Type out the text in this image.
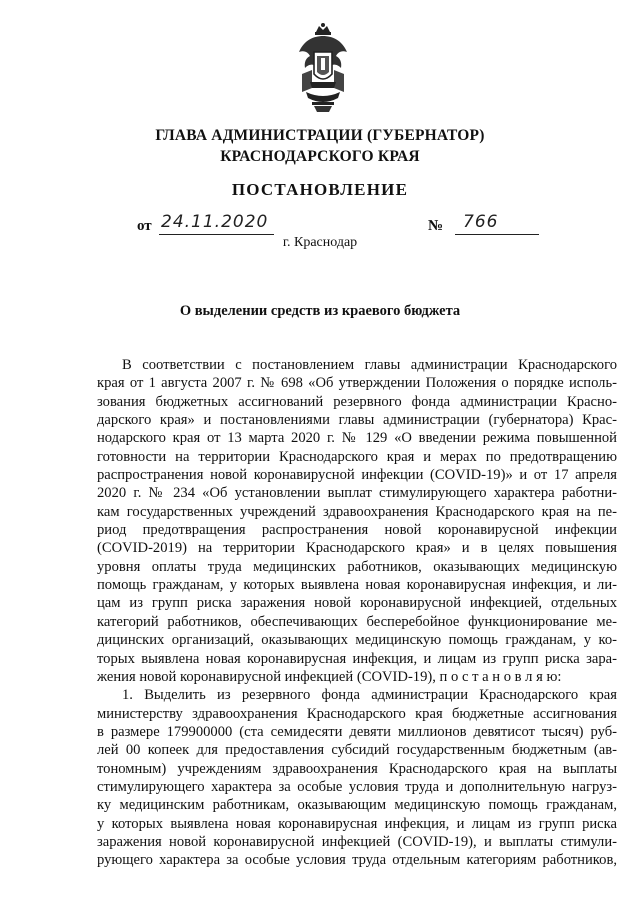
ГЛАВА АДМИНИСТРАЦИИ (ГУБЕРНАТОР)
КРАСНОДАРСКОГО КРАЯ
ПОСТАНОВЛЕНИЕ
от 24.11.2020	№	766
г. Краснодар
О выделении средств из краевого бюджета
В соответствии с постановлением главы администрации Краснодарского
края от 1 августа 2007 г. № 698 «Об утверждении Положения о порядке исполь-
зования бюджетных ассигнований резервного фонда администрации Красно-
дарского края» и постановлениями главы администрации (губернатора) Крас-
нодарского края от 13 марта 2020 г. № 129 «О введении режима повышенной
готовности на территории Краснодарского края и мерах по предотвращению
распространения новой коронавирусной инфекции (COVID-19)» и от 17 апреля
2020 г. № 234 «Об установлении выплат стимулирующего характера работни-
кам государственных учреждений здравоохранения Краснодарского края на пе-
риод предотвращения распространения новой коронавирусной инфекции
(COVID-2019) на территории Краснодарского края» и в целях повышения
уровня оплаты труда медицинских работников, оказывающих медицинскую
помощь гражданам, у которых выявлена новая коронавирусная инфекция, и ли-
цам из групп риска заражения новой коронавирусной инфекцией, отдельных
категорий работников, обеспечивающих бесперебойное функционирование ме-
дицинских организаций, оказывающих медицинскую помощь гражданам, у ко-
торых выявлена новая коронавирусная инфекция, и лицам из групп риска зара-
жения новой коронавирусной инфекцией (COVID-19), п о с т а н о в л я ю:
1. Выделить из резервного фонда администрации Краснодарского края
министерству здравоохранения Краснодарского края бюджетные ассигнования
в размере 179900000 (ста семидесяти девяти миллионов девятисот тысяч) руб-
лей 00 копеек для предоставления субсидий государственным бюджетным (ав-
тономным) учреждениям здравоохранения Краснодарского края на выплаты
стимулирующего характера за особые условия труда и дополнительную нагруз-
ку медицинским работникам, оказывающим медицинскую помощь гражданам,
у которых выявлена новая коронавирусная инфекция, и лицам из групп риска
заражения новой коронавирусной инфекцией (COVID-19), и выплаты стимули-
рующего характера за особые условия труда отдельным категориям работников,
